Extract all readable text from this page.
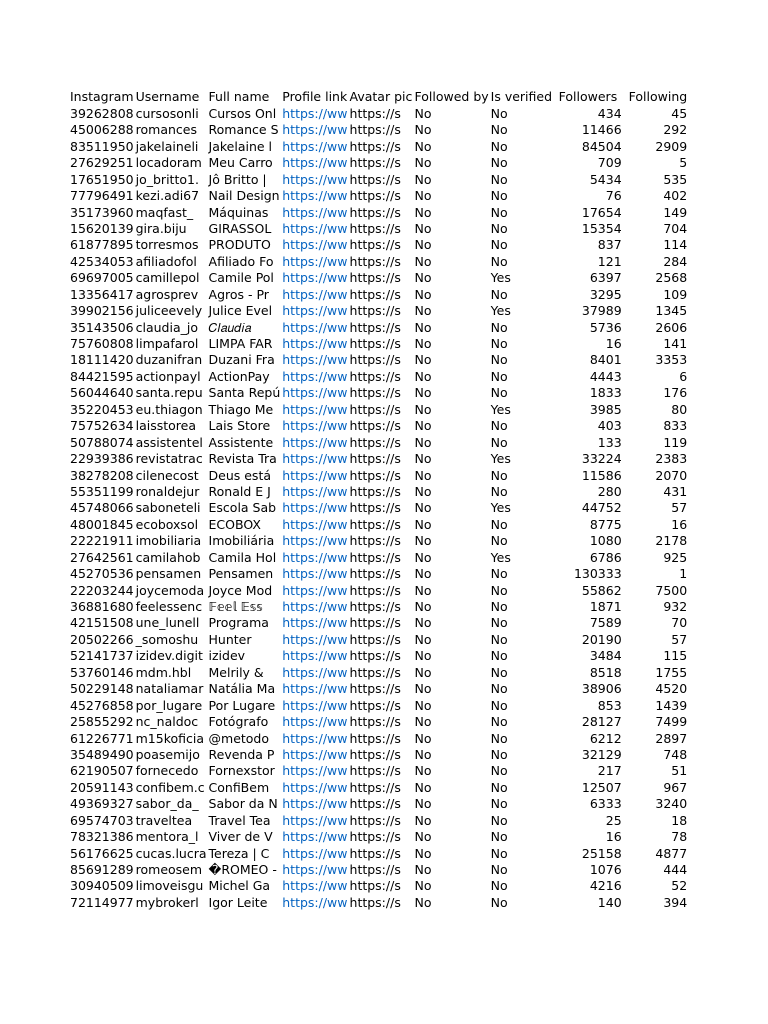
Instagram	Username	Full name	Profile link	Avatar pic	Followed by	Is verified	Followers	Following
39262808	cursosonli	Cursos Onl	https://ww	https://s	No	No	434	45
45006288	romances	Romance S	https://ww	https://s	No	No	11466	292
83511950	jakelaineli	Jakelaine l	https://ww	https://s	No	No	84504	2909
27629251	locadoram	Meu Carro	https://ww	https://s	No	No	709	5
17651950	jo_britto1.	Jô Britto |	https://ww	https://s	No	No	5434	535
77796491	kezi.adi67	Nail Design	https://ww	https://s	No	No	76	402
35173960	maqfast_	Máquinas	https://ww	https://s	No	No	17654	149
15620139	gira.biju	GIRASSOL	https://ww	https://s	No	No	15354	704
61877895	torresmos	PRODUTO	https://ww	https://s	No	No	837	114
42534053	afiliadofol	Afiliado Fo	https://ww	https://s	No	No	121	284
69697005	camillepol	Camile Pol	https://ww	https://s	No	Yes	6397	2568
13356417	agrosprev	Agros - Pr	https://ww	https://s	No	No	3295	109
39902156	juliceevely	Julice Evel	https://ww	https://s	No	Yes	37989	1345
35143506	claudia_jo	𝐶𝑙𝑎𝑢𝑑𝑖𝑎	https://ww	https://s	No	No	5736	2606
75760808	limpafarol	LIMPA FAR	https://ww	https://s	No	No	16	141
18111420	duzanifran	Duzani Fra	https://ww	https://s	No	No	8401	3353
84421595	actionpayl	ActionPay	https://ww	https://s	No	No	4443	6
56044640	santa.repu	Santa Repú	https://ww	https://s	No	No	1833	176
35220453	eu.thiagon	Thiago Me	https://ww	https://s	No	Yes	3985	80
75752634	laisstorea	Lais Store	https://ww	https://s	No	No	403	833
50788074	assistentel	Assistente	https://ww	https://s	No	No	133	119
22939386	revistatrac	Revista Tra	https://ww	https://s	No	Yes	33224	2383
38278208	cilenecost	Deus está	https://ww	https://s	No	No	11586	2070
55351199	ronaldejur	Ronald E J	https://ww	https://s	No	No	280	431
45748066	saboneteli	Escola Sab	https://ww	https://s	No	Yes	44752	57
48001845	ecoboxsol	ECOBOX	https://ww	https://s	No	No	8775	16
22221911	imobiliaria	Imobiliária	https://ww	https://s	No	No	1080	2178
27642561	camilahob	Camila Hol	https://ww	https://s	No	Yes	6786	925
45270536	pensamen	Pensamen	https://ww	https://s	No	No	130333	1
22203244	joycemoda	Joyce Mod	https://ww	https://s	No	No	55862	7500
36881680	feelessenc	𝔽𝕖𝕖𝕝 𝔼𝕤𝕤	https://ww	https://s	No	No	1871	932
42151508	une_lunell	Programa	https://ww	https://s	No	No	7589	70
20502266	_somoshu	Hunter	https://ww	https://s	No	No	20190	57
52141737	izidev.digit	izidev	https://ww	https://s	No	No	3484	115
53760146	mdm.hbl	Melrily &	https://ww	https://s	No	No	8518	1755
50229148	nataliamar	Natália Ma	https://ww	https://s	No	No	38906	4520
45276858	por_lugare	Por Lugare	https://ww	https://s	No	No	853	1439
25855292	nc_naldoc	Fotógrafo	https://ww	https://s	No	No	28127	7499
61226771	m15koficia	@metodo	https://ww	https://s	No	No	6212	2897
35489490	poasemijo	Revenda P	https://ww	https://s	No	No	32129	748
62190507	fornecedo	Fornexstor	https://ww	https://s	No	No	217	51
20591143	confibem.c	ConfiBem	https://ww	https://s	No	No	12507	967
49369327	sabor_da_	Sabor da N	https://ww	https://s	No	No	6333	3240
69574703	traveltea	Travel Tea	https://ww	https://s	No	No	25	18
78321386	mentora_l	Viver de V	https://ww	https://s	No	No	16	78
56176625	cucas.lucra	Tereza | C	https://ww	https://s	No	No	25158	4877
85691289	romeosem	�ROMEO -	https://ww	https://s	No	No	1076	444
30940509	limoveisgu	Michel Ga	https://ww	https://s	No	No	4216	52
72114977	mybrokerl	Igor Leite	https://ww	https://s	No	No	140	394
